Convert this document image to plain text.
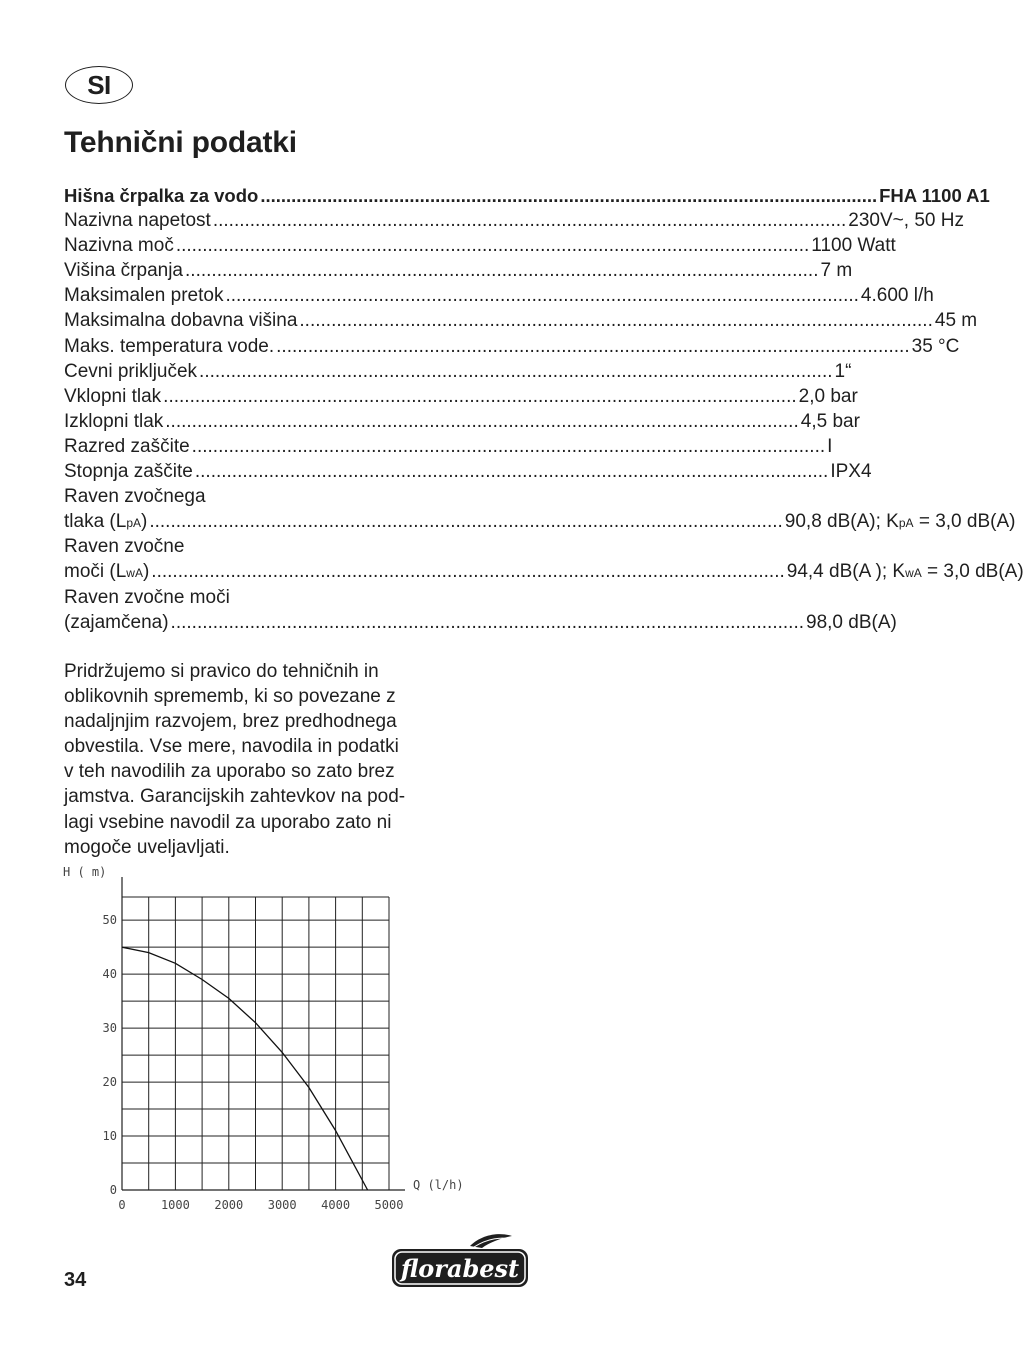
SI
Tehnični podatki
Hišna črpalka za vodo .....	FHA 1100 A1
Nazivna napetost .....	230V~, 50 Hz
Nazivna moč .....	1100 Watt
Višina črpanja .....	7 m
Maksimalen pretok .....	4.600 l/h
Maksimalna dobavna višina .....	45 m
Maks. temperatura vode. .....	35 °C
Cevni priključek .....	1“
Vklopni tlak .....	2,0 bar
Izklopni tlak .....	4,5 bar
Razred zaščite .....	I
Stopnja zaščite .....	IPX4
Raven zvočnega
tlaka (LpA) .....	90,8 dB(A); KpA = 3,0 dB(A)
Raven zvočne
moči (LwA) .....	94,4 dB(A ); KwA = 3,0 dB(A)
Raven zvočne moči
(zajamčena) .....	98,0 dB(A)

Pridržujemo si pravico do tehničnih in
oblikovnih sprememb, ki so povezane z
nadaljnjim razvojem, brez predhodnega
obvestila. Vse mere, navodila in podatki
v teh navodilih za uporabo so zato brez
jamstva. Garancijskih zahtevkov na pod-
lagi vsebine navodil za uporabo zato ni
mogoče uveljavljati.

0	1000 2000 3000 4000 5000
0
10
20
30
40
50
H ( m)
Q (l/h)
34	florabest
